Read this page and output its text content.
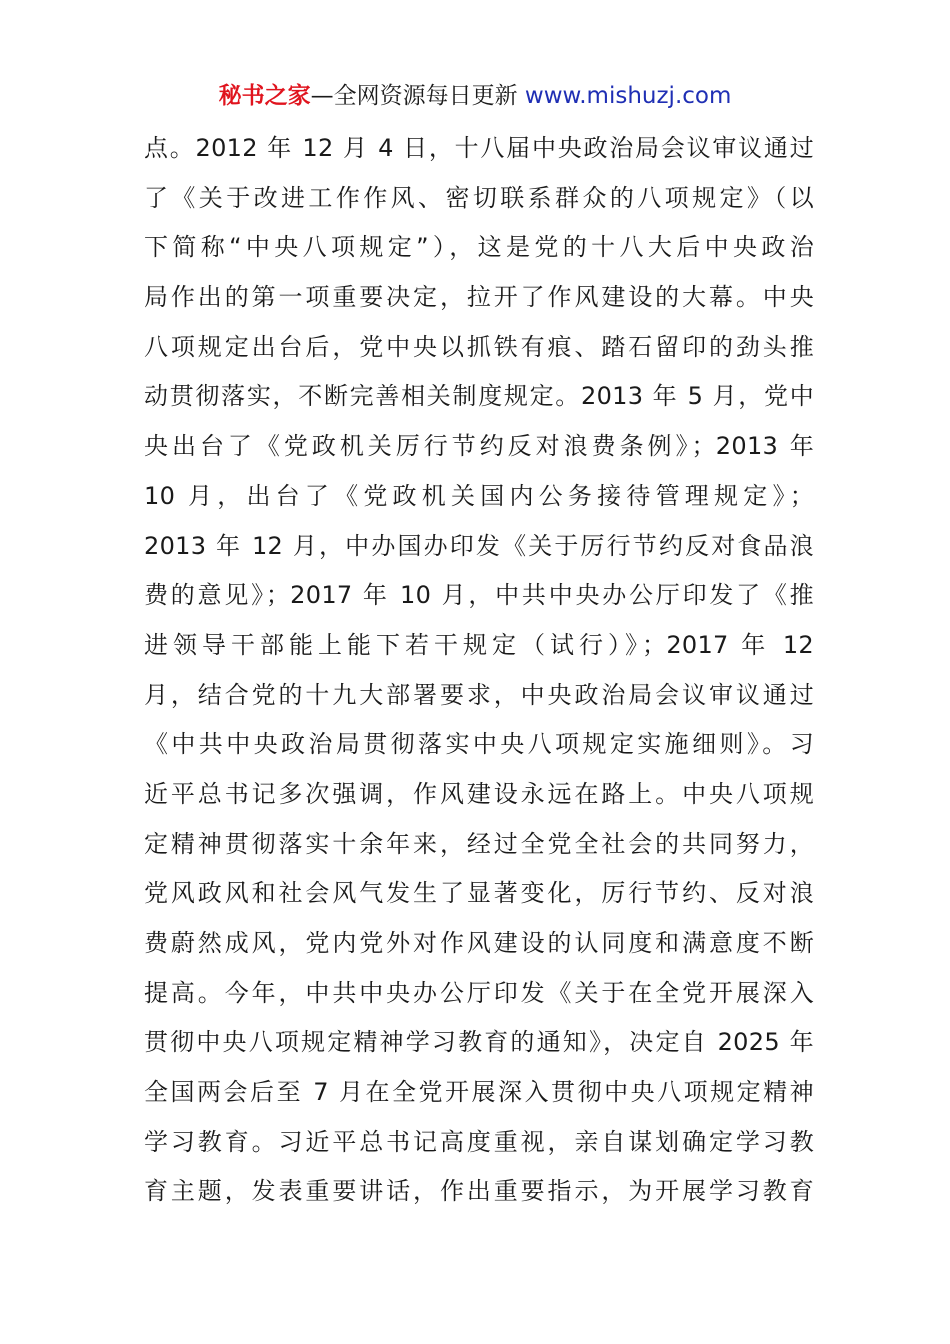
秘书之家—全网资源每日更新 www.mishuzj.com
点。2012 年 12 月 4 日，十八届中央政治局会议审议通过
了《关于改进工作作风、密切联系群众的八项规定》（以
下简称“中央八项规定”），这是党的十八大后中央政治
局作出的第一项重要决定，拉开了作风建设的大幕。中央
八项规定出台后，党中央以抓铁有痕、踏石留印的劲头推
动贯彻落实，不断完善相关制度规定。2013 年 5 月，党中
央出台了《党政机关厉行节约反对浪费条例》；2013 年
10 月，出台了《党政机关国内公务接待管理规定》；
2013 年 12 月，中办国办印发《关于厉行节约反对食品浪
费的意见》；2017 年 10 月，中共中央办公厅印发了《推
进领导干部能上能下若干规定（试行）》；2017 年 12
月，结合党的十九大部署要求，中央政治局会议审议通过
《中共中央政治局贯彻落实中央八项规定实施细则》。习
近平总书记多次强调，作风建设永远在路上。中央八项规
定精神贯彻落实十余年来，经过全党全社会的共同努力，
党风政风和社会风气发生了显著变化，厉行节约、反对浪
费蔚然成风，党内党外对作风建设的认同度和满意度不断
提高。今年，中共中央办公厅印发《关于在全党开展深入
贯彻中央八项规定精神学习教育的通知》，决定自 2025 年
全国两会后至 7 月在全党开展深入贯彻中央八项规定精神
学习教育。习近平总书记高度重视，亲自谋划确定学习教
育主题，发表重要讲话，作出重要指示，为开展学习教育
